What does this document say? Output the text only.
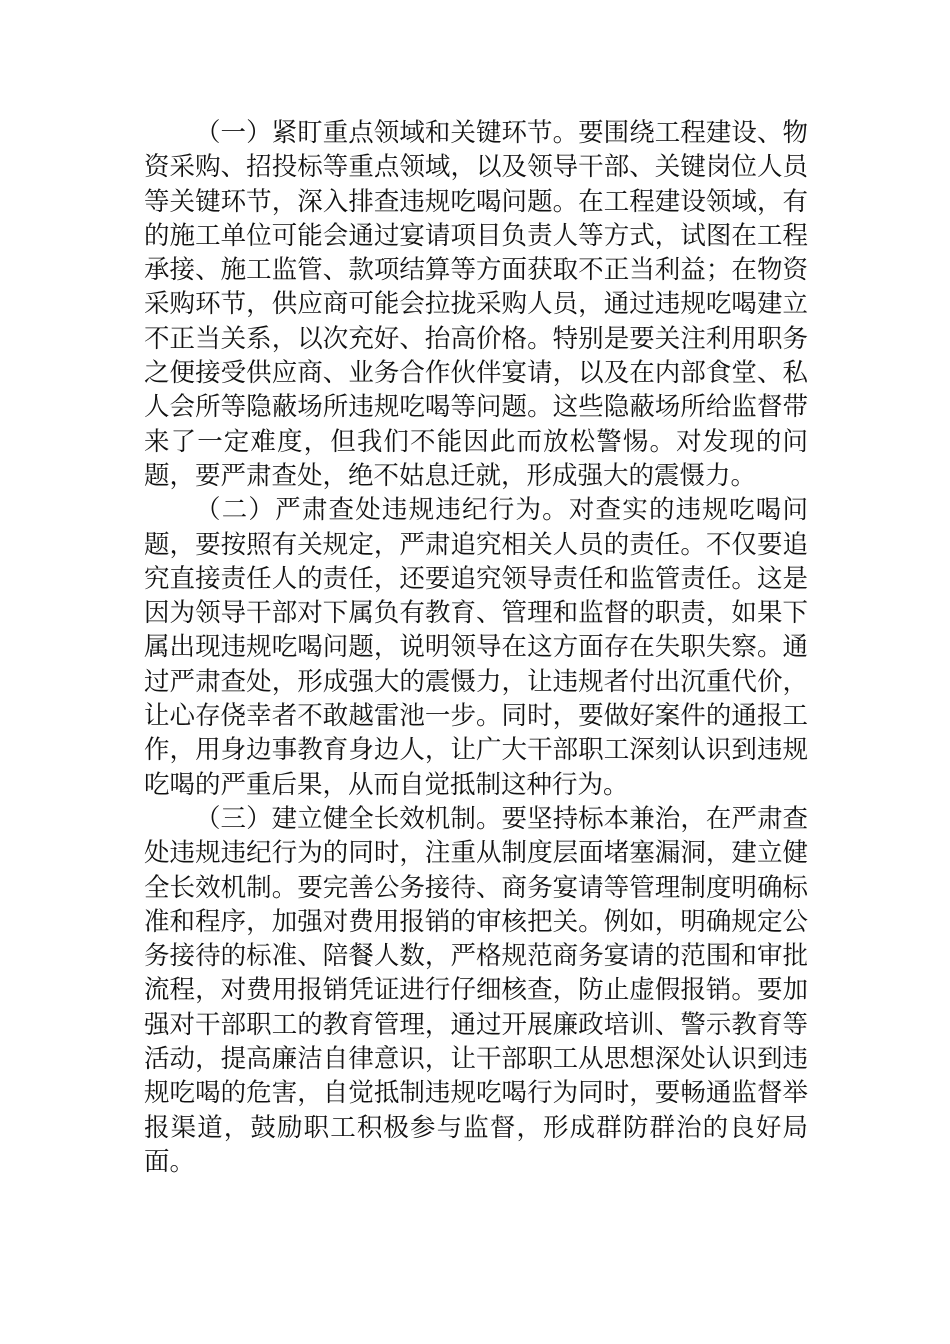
（一）紧盯重点领域和关键环节。要围绕工程建设、物资采购、招投标等重点领域，以及领导干部、关键岗位人员等关键环节，深入排查违规吃喝问题。在工程建设领域，有的施工单位可能会通过宴请项目负责人等方式，试图在工程承接、施工监管、款项结算等方面获取不正当利益；在物资采购环节，供应商可能会拉拢采购人员，通过违规吃喝建立不正当关系，以次充好、抬高价格。特别是要关注利用职务之便接受供应商、业务合作伙伴宴请，以及在内部食堂、私人会所等隐蔽场所违规吃喝等问题。这些隐蔽场所给监督带来了一定难度，但我们不能因此而放松警惕。对发现的问题，要严肃查处，绝不姑息迁就，形成强大的震慑力。

（二）严肃查处违规违纪行为。对查实的违规吃喝问题，要按照有关规定，严肃追究相关人员的责任。不仅要追究直接责任人的责任，还要追究领导责任和监管责任。这是因为领导干部对下属负有教育、管理和监督的职责，如果下属出现违规吃喝问题，说明领导在这方面存在失职失察。通过严肃查处，形成强大的震慑力，让违规者付出沉重代价，让心存侥幸者不敢越雷池一步。同时，要做好案件的通报工作，用身边事教育身边人，让广大干部职工深刻认识到违规吃喝的严重后果，从而自觉抵制这种行为。

（三）建立健全长效机制。要坚持标本兼治，在严肃查处违规违纪行为的同时，注重从制度层面堵塞漏洞，建立健全长效机制。要完善公务接待、商务宴请等管理制度明确标准和程序，加强对费用报销的审核把关。例如，明确规定公务接待的标准、陪餐人数，严格规范商务宴请的范围和审批流程，对费用报销凭证进行仔细核查，防止虚假报销。要加强对干部职工的教育管理，通过开展廉政培训、警示教育等活动，提高廉洁自律意识，让干部职工从思想深处认识到违规吃喝的危害，自觉抵制违规吃喝行为同时，要畅通监督举报渠道，鼓励职工积极参与监督，形成群防群治的良好局面。
